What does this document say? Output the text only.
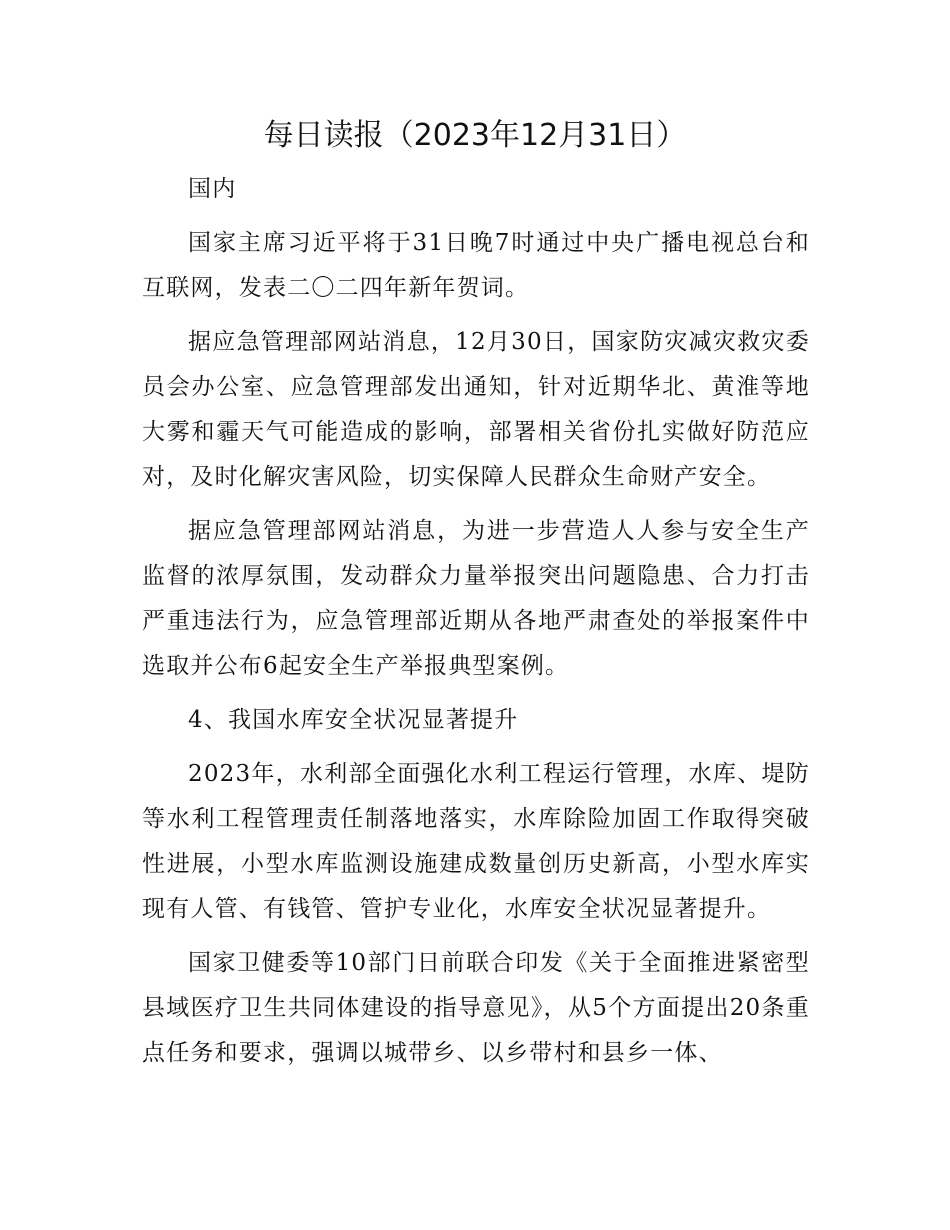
每日读报（2023年12月31日）

国内

国家主席习近平将于31日晚7时通过中央广播电视总台和互联网，发表二〇二四年新年贺词。

据应急管理部网站消息，12月30日，国家防灾减灾救灾委员会办公室、应急管理部发出通知，针对近期华北、黄淮等地大雾和霾天气可能造成的影响，部署相关省份扎实做好防范应对，及时化解灾害风险，切实保障人民群众生命财产安全。

据应急管理部网站消息，为进一步营造人人参与安全生产监督的浓厚氛围，发动群众力量举报突出问题隐患、合力打击严重违法行为，应急管理部近期从各地严肃查处的举报案件中选取并公布6起安全生产举报典型案例。

4、我国水库安全状况显著提升

2023年，水利部全面强化水利工程运行管理，水库、堤防等水利工程管理责任制落地落实，水库除险加固工作取得突破性进展，小型水库监测设施建成数量创历史新高，小型水库实现有人管、有钱管、管护专业化，水库安全状况显著提升。

国家卫健委等10部门日前联合印发《关于全面推进紧密型县域医疗卫生共同体建设的指导意见》，从5个方面提出20条重点任务和要求，强调以城带乡、以乡带村和县乡一体、
